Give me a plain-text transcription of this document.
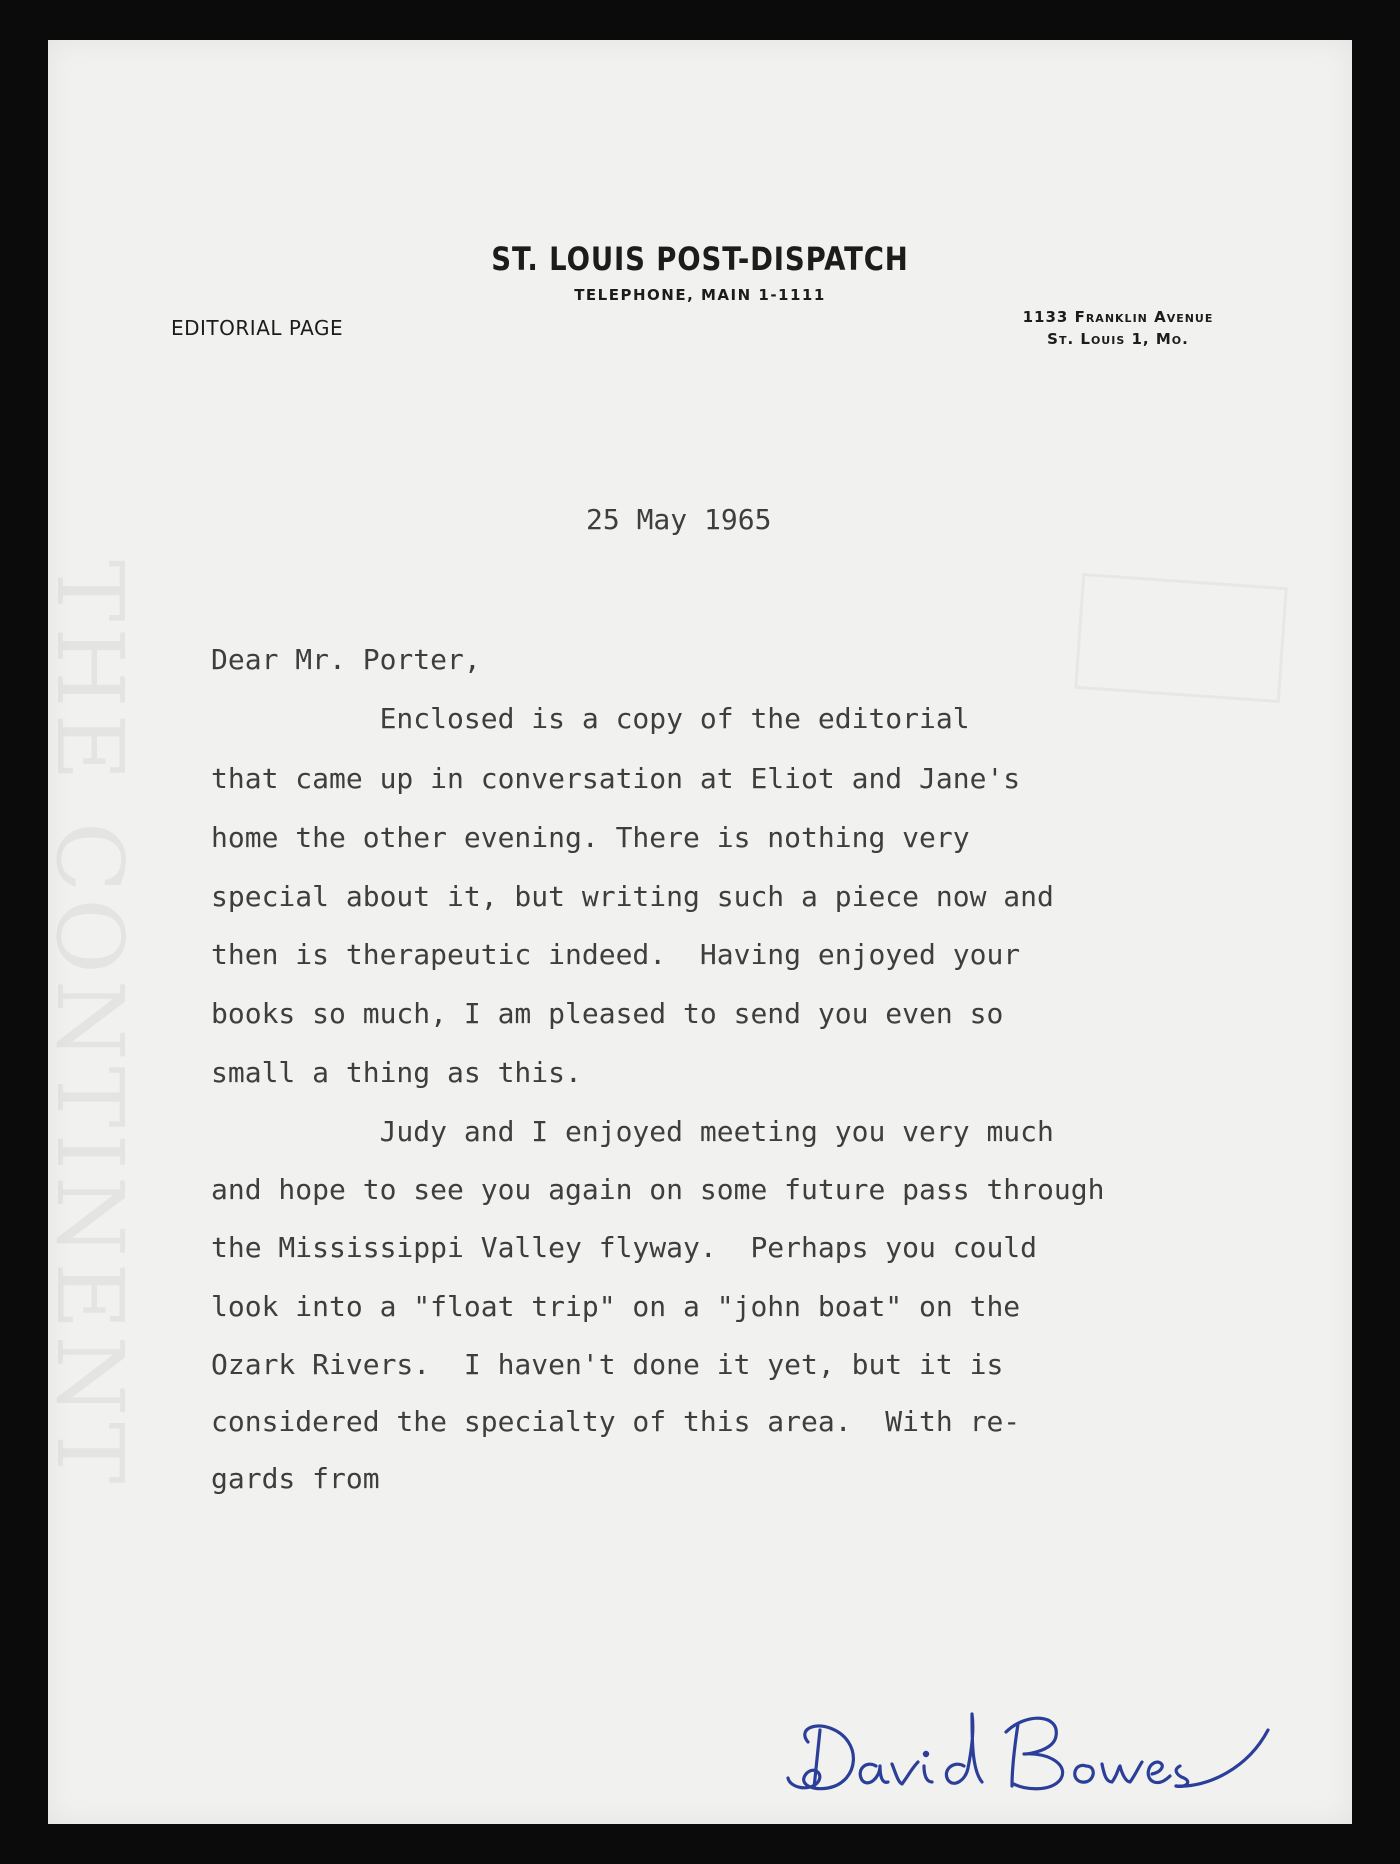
THE CONTINENT
ST. LOUIS POST-DISPATCH
TELEPHONE, MAIN 1-1111
EDITORIAL PAGE	1133 Franklin Avenue
St. Louis 1, Mo.
25 May 1965
Dear Mr. Porter,
Enclosed is a copy of the editorial
that came up in conversation at Eliot and Jane's
home the other evening. There is nothing very
special about it, but writing such a piece now and
then is therapeutic indeed.  Having enjoyed your
books so much, I am pleased to send you even so
small a thing as this.
Judy and I enjoyed meeting you very much
and hope to see you again on some future pass through
the Mississippi Valley flyway.  Perhaps you could
look into a "float trip" on a "john boat" on the
Ozark Rivers.  I haven't done it yet, but it is
considered the specialty of this area.  With re-
gards from
